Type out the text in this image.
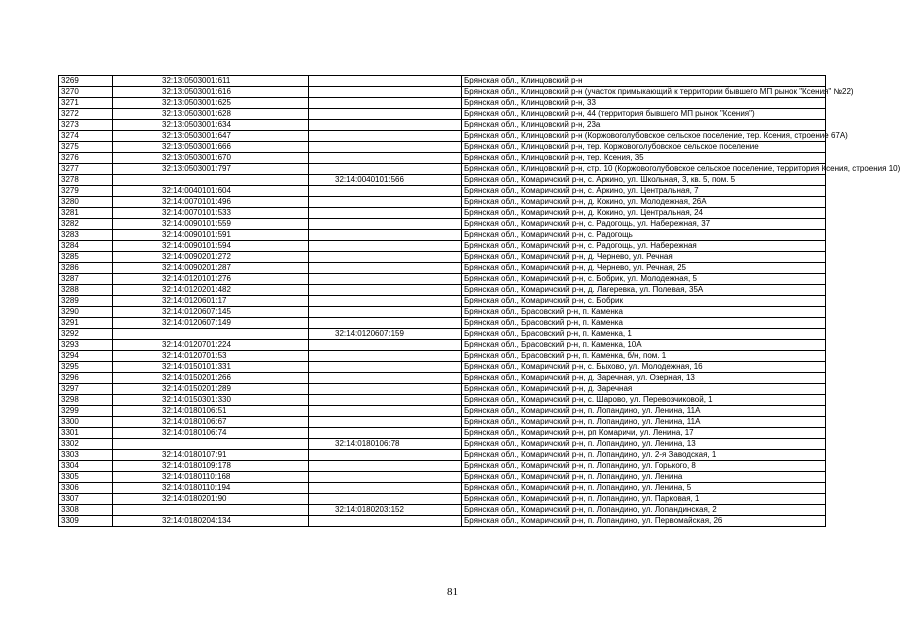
3269	32:13:0503001:611		Брянская обл., Клинцовский р-н
3270	32:13:0503001:616		Брянская обл., Клинцовский р-н (участок примыкающий к территории бывшего МП рынок "Ксения" №22)
3271	32:13:0503001:625		Брянская обл., Клинцовский р-н, 33
3272	32:13:0503001:628		Брянская обл., Клинцовский р-н, 44 (территория бывшего МП рынок "Ксения")
3273	32:13:0503001:634		Брянская обл., Клинцовский р-н, 23а
3274	32:13:0503001:647		Брянская обл., Клинцовский р-н (Коржовоголубовское сельское поселение, тер. Ксения, строение 67А)
3275	32:13:0503001:666		Брянская обл., Клинцовский р-н, тер. Коржовоголубовское сельское поселение
3276	32:13:0503001:670		Брянская обл., Клинцовский р-н, тер. Ксения, 35
3277	32:13:0503001:797		Брянская обл., Клинцовский р-н, стр. 10 (Коржовоголубовское сельское поселение, территория Ксения, строения 10)
3278		32:14:0040101:566	Брянская обл., Комаричский р-н, с. Аркино, ул. Школьная, 3, кв. 5, пом. 5
3279	32:14:0040101:604		Брянская обл., Комаричский р-н, с. Аркино, ул. Центральная, 7
3280	32:14:0070101:496		Брянская обл., Комаричский р-н, д. Кокино, ул. Молодежная, 26А
3281	32:14:0070101:533		Брянская обл., Комаричский р-н, д. Кокино, ул. Центральная, 24
3282	32:14:0090101:559		Брянская обл., Комаричский р-н, с. Радогощь, ул. Набережная, 37
3283	32:14:0090101:591		Брянская обл., Комаричский р-н, с. Радогощь
3284	32:14:0090101:594		Брянская обл., Комаричский р-н, с. Радогощь, ул. Набережная
3285	32:14:0090201:272		Брянская обл., Комаричский р-н, д. Черневo, ул. Речная
3286	32:14:0090201:287		Брянская обл., Комаричский р-н, д. Черневo, ул. Речная, 25
3287	32:14:0120101:276		Брянская обл., Комаричский р-н, с. Бобрик, ул. Молодежная, 5
3288	32:14:0120201:482		Брянская обл., Комаричский р-н, д. Лагеревка, ул. Полевая, 35А
3289	32:14:0120601:17		Брянская обл., Комаричский р-н, с. Бобрик
3290	32:14:0120607:145		Брянская обл., Брасовский р-н, п. Каменка
3291	32:14:0120607:149		Брянская обл., Брасовский р-н, п. Каменка
3292		32:14:0120607:159	Брянская обл., Брасовский р-н, п. Каменка, 1
3293	32:14:0120701:224		Брянская обл., Брасовский р-н, п. Каменка, 10А
3294	32:14:0120701:53		Брянская обл., Брасовский р-н, п. Каменка, б/н, пом. 1
3295	32:14:0150101:331		Брянская обл., Комаричский р-н, с. Быхово, ул. Молодежная, 16
3296	32:14:0150201:266		Брянская обл., Комаричский р-н, д. Заречная, ул. Озерная, 13
3297	32:14:0150201:289		Брянская обл., Комаричский р-н, д. Заречная
3298	32:14:0150301:330		Брянская обл., Комаричский р-н, с. Шарово, ул. Перевозчиковой, 1
3299	32:14:0180106:51		Брянская обл., Комаричский р-н, п. Лопандино, ул. Ленина, 11А
3300	32:14:0180106:67		Брянская обл., Комаричский р-н, п. Лопандино, ул. Ленина, 11А
3301	32:14:0180106:74		Брянская обл., Комаричский р-н, рп Комаричи, ул. Ленина, 17
3302		32:14:0180106:78	Брянская обл., Комаричский р-н, п. Лопандино, ул. Ленина, 13
3303	32:14:0180107:91		Брянская обл., Комаричский р-н, п. Лопандино, ул. 2-я Заводская, 1
3304	32:14:0180109:178		Брянская обл., Комаричский р-н, п. Лопандино, ул. Горького, 8
3305	32:14:0180110:168		Брянская обл., Комаричский р-н, п. Лопандино, ул. Ленина
3306	32:14:0180110:194		Брянская обл., Комаричский р-н, п. Лопандино, ул. Ленина, 5
3307	32:14:0180201:90		Брянская обл., Комаричский р-н, п. Лопандино, ул. Парковая, 1
3308		32:14:0180203:152	Брянская обл., Комаричский р-н, п. Лопандино, ул. Лопандинская, 2
3309	32:14:0180204:134		Брянская обл., Комаричский р-н, п. Лопандино, ул. Первомайская, 26
81
